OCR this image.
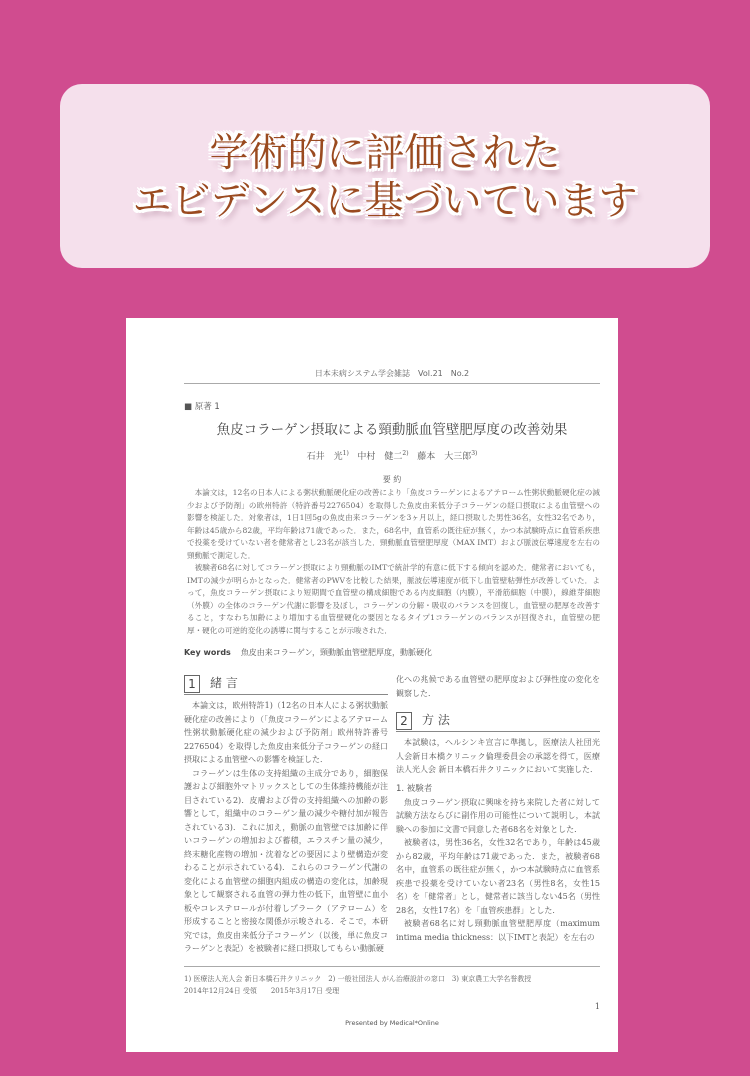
学術的に評価された
エビデンスに基づいています
日本未病システム学会雑誌　Vol.21　No.2
■ 原著 1
魚皮コラーゲン摂取による頸動脈血管壁肥厚度の改善効果
石井　光$^{1)}$ 中村　健二$^{2)}$ 藤本　大三郎$^{3)}$
要 約

本論文は，12名の日本人による粥状動脈硬化症の改善により「魚皮コラーゲンによるアテローム性粥状動脈硬化症の減少および予防剤」の欧州特許（特許番号2276504）を取得した魚皮由来低分子コラーゲンの経口摂取による血管壁への影響を検証した．対象者は，1日1回5gの魚皮由来コラーゲンを3ヶ月以上，経口摂取した男性36名，女性32名であり，年齢は45歳から82歳，平均年齢は71歳であった．また，68名中，血管系の既往症が無く，かつ本試験時点に血管系疾患で投薬を受けていない者を健常者とし23名が該当した．頸動脈血管壁肥厚度（MAX IMT）および脈波伝導速度を左右の頸動脈で測定した．

被験者68名に対してコラーゲン摂取により頸動脈のIMTで統計学的有意に低下する傾向を認めた．健常者においても，IMTの減少が明らかとなった．健常者のPWVを比較した結果，脈波伝導速度が低下し血管壁粘弾性が改善していた．よって，魚皮コラーゲン摂取により短期間で血管壁の構成細胞である内皮細胞（内膜），平滑筋細胞（中膜），線維芽細胞（外膜）の全体のコラーゲン代謝に影響を及ぼし，コラーゲンの分解・吸収のバランスを回復し，血管壁の肥厚を改善すること，すなわち加齢により増加する血管壁硬化の要因となるタイプ1コラーゲンのバランスが回復され，血管壁の肥厚・硬化の可逆的変化の誘導に関与することが示唆された．

Key words 魚皮由来コラーゲン，頸動脈血管壁肥厚度，動脈硬化
1	緒 言

本論文は，欧州特許1)（12名の日本人による粥状動脈硬化症の改善により（「魚皮コラーゲンによるアテローム性粥状動脈硬化症の減少および予防剤」欧州特許番号2276504）を取得した魚皮由来低分子コラーゲンの経口摂取による血管壁への影響を検証した．

コラーゲンは生体の支持組織の主成分であり，細胞保護および細胞外マトリックスとしての生体維持機能が注目されている2)．皮膚および骨の支持組織への加齢の影響として，組織中のコラーゲン量の減少や糖付加が報告されている3)．これに加え，動脈の血管壁では加齢に伴いコラーゲンの増加および蓄積，エラスチン量の減少，終末糖化産物の増加・沈着などの要因により壁構造が変わることが示されている4)．これらのコラーゲン代謝の変化による血管壁の細胞内組成の構造の変化は，加齢現象として観察される血管の弾力性の低下，血管壁に血小板やコレステロールが付着しプラーク（アテローム）を形成することと密接な関係が示唆される．そこで，本研究では，魚皮由来低分子コラーゲン（以後，単に魚皮コラーゲンと表記）を被験者に経口摂取してもらい動脈硬

化への兆候である血管壁の肥厚度および弾性度の変化を観察した．

2	方 法

本試験は，ヘルシンキ宣言に準拠し，医療法人社団光人会新日本橋クリニック倫理委員会の承認を得て，医療法人光人会 新日本橋石井クリニックにおいて実施した．

1. 被験者

魚皮コラーゲン摂取に興味を持ち来院した者に対して試験方法ならびに副作用の可能性について説明し，本試験への参加に文書で同意した者68名を対象とした．

被験者は，男性36名，女性32名であり，年齢は45歳から82歳，平均年齢は71歳であった．また，被験者68名中，血管系の既往症が無く，かつ本試験時点に血管系疾患で投薬を受けていない者23名（男性8名，女性15名）を「健常者」とし，健常者に該当しない45名（男性28名，女性17名）を「血管疾患群」とした．

被験者68名に対し頸動脈血管壁肥厚度（maximum intima media thickness：以下IMTと表記）を左右の

1) 医療法人光人会 新日本橋石井クリニック　2) 一般社団法人 がん治療設計の窓口　3) 東京農工大学名誉教授
2014年12月24日 受領　　2015年3月17日 受理
1
Presented by Medical*Online
